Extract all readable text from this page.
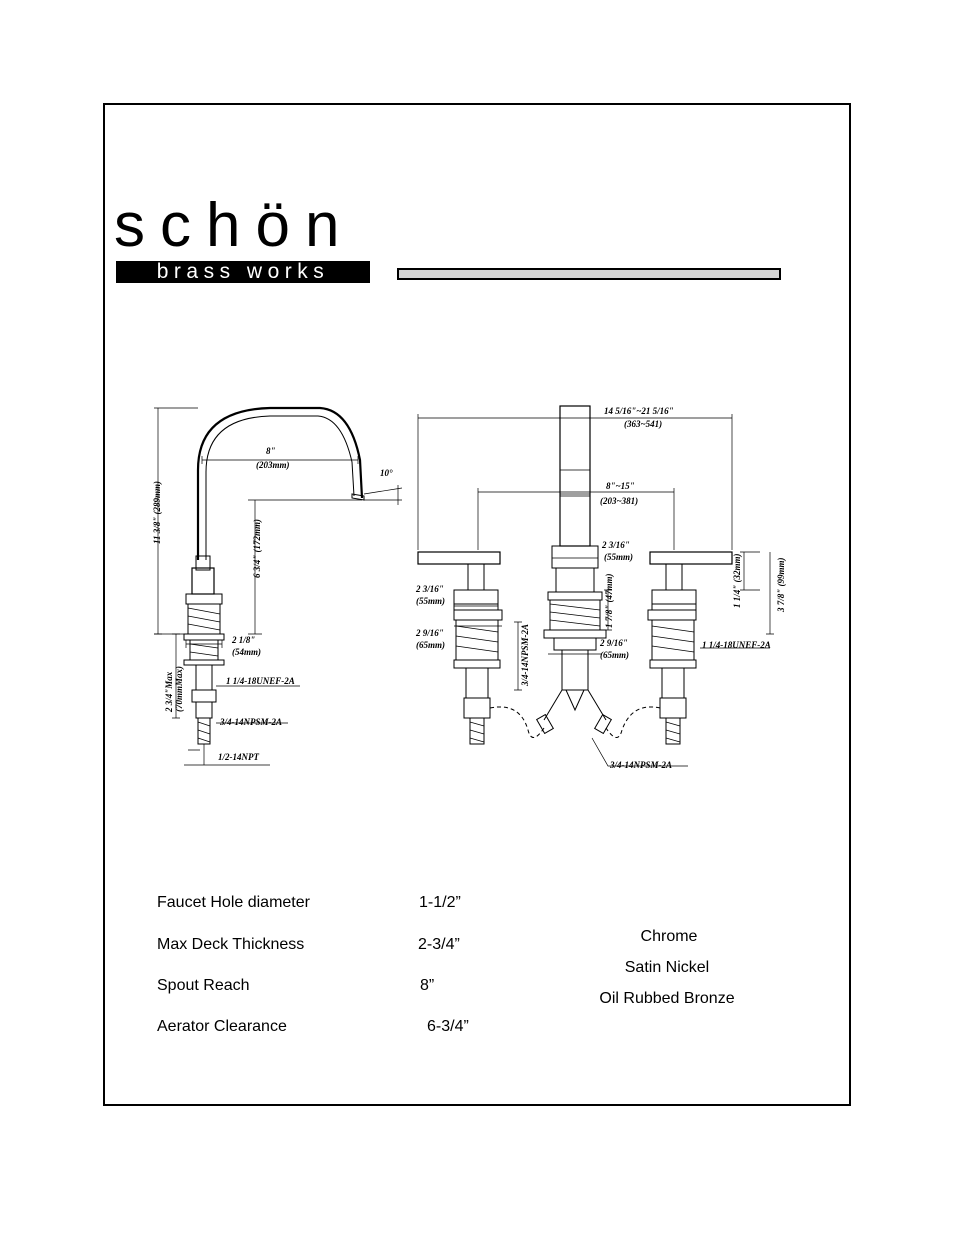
schön
brass works
11 3/8" (289mm)
8"
(203mm)
10°
6 3/4" (172mm)
2 1/8"
(54mm)
2 3/4"Max (70mmMax)	1 1/4-18UNEF-2A
3/4-14NPSM-2A
1/2-14NPT
14 5/16"~21 5/16"
(363~541)
8"~15"
(203~381)
2 3/16"
(55mm)
2 3/16"
(55mm)
2 9/16"
(65mm)	3/4-14NPSM-2A
1 7/8" (47mm)
2 9/16"
(65mm)
1 1/4" (32mm)
3 7/8" (99mm)
1 1/4-18UNEF-2A
3/4-14NPSM-2A
Faucet Hole diameter	1-1/2”
Max Deck Thickness	2-3/4”
Spout Reach	8”
Aerator Clearance	6-3/4”
Chrome
Satin Nickel
Oil Rubbed Bronze
